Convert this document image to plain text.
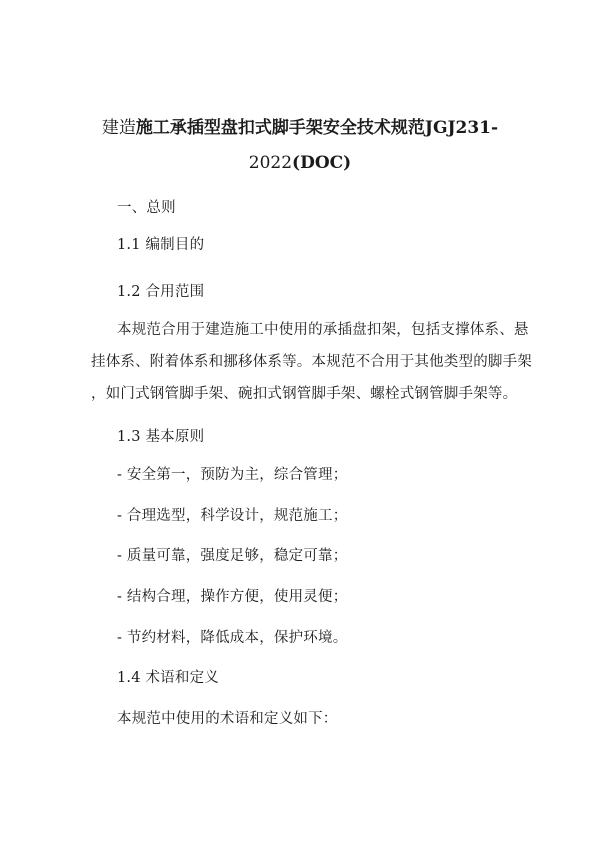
建造施工承插型盘扣式脚手架安全技术规范JGJ231-
2022(DOC)
一、总则
1.1 编制目的
1.2 合用范围
本规范合用于建造施工中使用的承插盘扣架，包括支撑体系、悬
挂体系、附着体系和挪移体系等。本规范不合用于其他类型的脚手架
，如门式钢管脚手架、碗扣式钢管脚手架、螺栓式钢管脚手架等。
1.3 基本原则
- 安全第一，预防为主，综合管理；
- 合理选型，科学设计，规范施工；
- 质量可靠，强度足够，稳定可靠；
- 结构合理，操作方便，使用灵便；
- 节约材料，降低成本，保护环境。
1.4 术语和定义
本规范中使用的术语和定义如下：
